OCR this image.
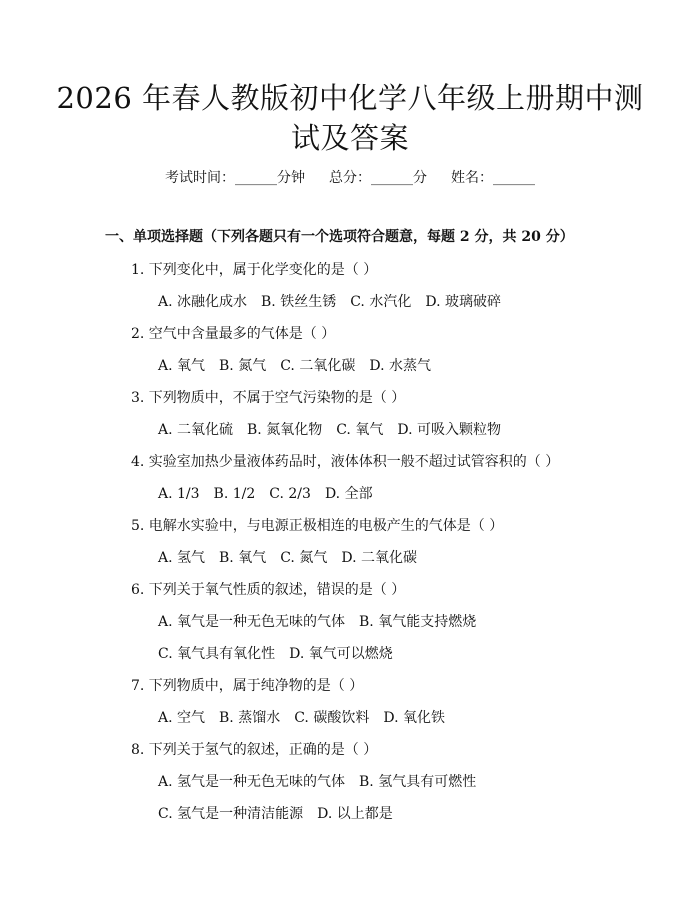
2026 年春人教版初中化学八年级上册期中测
试及答案
考试时间：______分钟 总分：______分 姓名：______
一、单项选择题（下列各题只有一个选项符合题意，每题 2 分，共 20 分）
1. 下列变化中，属于化学变化的是（ ）
A. 冰融化成水 B. 铁丝生锈 C. 水汽化 D. 玻璃破碎
2. 空气中含量最多的气体是（ ）
A. 氧气 B. 氮气 C. 二氧化碳 D. 水蒸气
3. 下列物质中，不属于空气污染物的是（ ）
A. 二氧化硫 B. 氮氧化物 C. 氧气 D. 可吸入颗粒物
4. 实验室加热少量液体药品时，液体体积一般不超过试管容积的（ ）
A. 1/3 B. 1/2 C. 2/3 D. 全部
5. 电解水实验中，与电源正极相连的电极产生的气体是（ ）
A. 氢气 B. 氧气 C. 氮气 D. 二氧化碳
6. 下列关于氧气性质的叙述，错误的是（ ）
A. 氧气是一种无色无味的气体 B. 氧气能支持燃烧
C. 氧气具有氧化性 D. 氧气可以燃烧
7. 下列物质中，属于纯净物的是（ ）
A. 空气 B. 蒸馏水 C. 碳酸饮料 D. 氧化铁
8. 下列关于氢气的叙述，正确的是（ ）
A. 氢气是一种无色无味的气体 B. 氢气具有可燃性
C. 氢气是一种清洁能源 D. 以上都是
